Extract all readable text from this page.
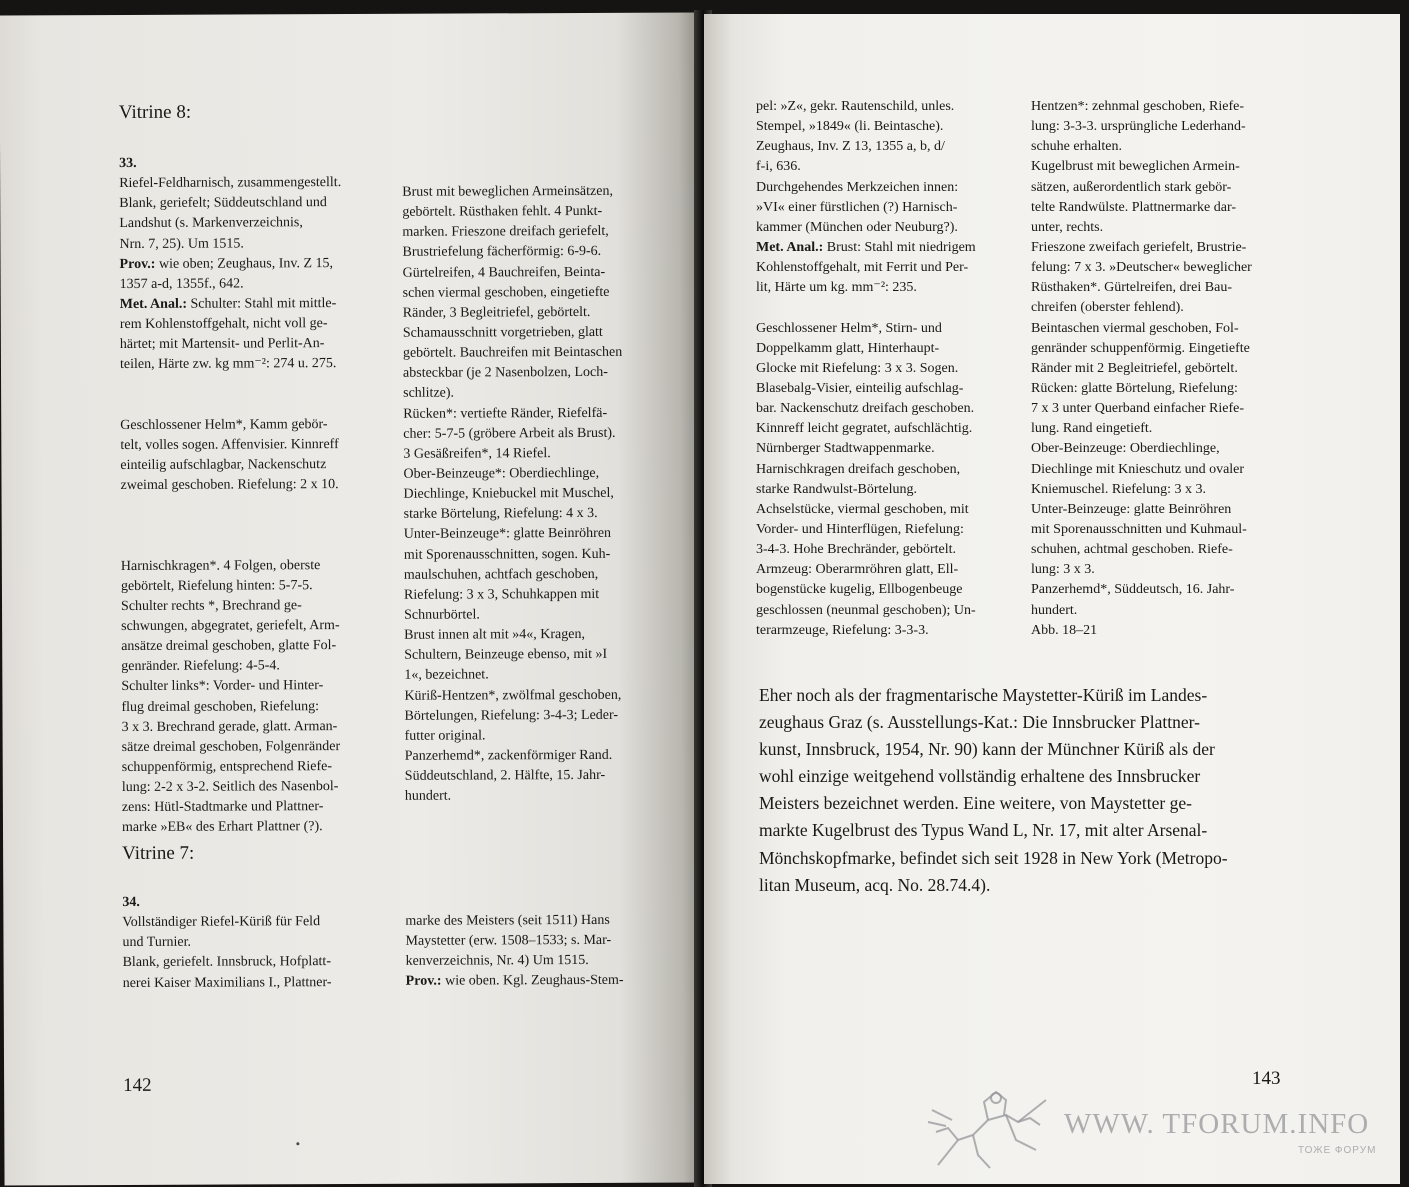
Vitrine 8:
33.
Riefel-Feldharnisch, zusammengestellt.
Blank, geriefelt; Süddeutschland und
Landshut (s. Markenverzeichnis,
Nrn. 7, 25). Um 1515.
Prov.: wie oben; Zeughaus, Inv. Z 15,
1357 a-d, 1355f., 642.
Met. Anal.: Schulter: Stahl mit mittle-
rem Kohlenstoffgehalt, nicht voll ge-
härtet; mit Martensit- und Perlit-An-
teilen, Härte zw. kg mm⁻²: 274 u. 275.
Geschlossener Helm*, Kamm gebör-
telt, volles sogen. Affenvisier. Kinnreff
einteilig aufschlagbar, Nackenschutz
zweimal geschoben. Riefelung: 2 x 10.
Harnischkragen*. 4 Folgen, oberste
gebörtelt, Riefelung hinten: 5-7-5.
Schulter rechts *, Brechrand ge-
schwungen, abgegratet, geriefelt, Arm-
ansätze dreimal geschoben, glatte Fol-
genränder. Riefelung: 4-5-4.
Schulter links*: Vorder- und Hinter-
flug dreimal geschoben, Riefelung:
3 x 3. Brechrand gerade, glatt. Arman-
sätze dreimal geschoben, Folgenränder
schuppenförmig, entsprechend Riefe-
lung: 2-2 x 3-2. Seitlich des Nasenbol-
zens: Hütl-Stadtmarke und Plattner-
marke »EB« des Erhart Plattner (?).
Brust mit beweglichen Armeinsätzen,
gebörtelt. Rüsthaken fehlt. 4 Punkt-
marken. Frieszone dreifach geriefelt,
Brustriefelung fächerförmig: 6-9-6.
Gürtelreifen, 4 Bauchreifen, Beinta-
schen viermal geschoben, eingetiefte
Ränder, 3 Begleitriefel, gebörtelt.
Schamausschnitt vorgetrieben, glatt
gebörtelt. Bauchreifen mit Beintaschen
absteckbar (je 2 Nasenbolzen, Loch-
schlitze).
Rücken*: vertiefte Ränder, Riefelfä-
cher: 5-7-5 (gröbere Arbeit als Brust).
3 Gesäßreifen*, 14 Riefel.
Ober-Beinzeuge*: Oberdiechlinge,
Diechlinge, Kniebuckel mit Muschel,
starke Börtelung, Riefelung: 4 x 3.
Unter-Beinzeuge*: glatte Beinröhren
mit Sporenausschnitten, sogen. Kuh-
maulschuhen, achtfach geschoben,
Riefelung: 3 x 3, Schuhkappen mit
Schnurbörtel.
Brust innen alt mit »4«, Kragen,
Schultern, Beinzeuge ebenso, mit »I
1«, bezeichnet.
Küriß-Hentzen*, zwölfmal geschoben,
Börtelungen, Riefelung: 3-4-3; Leder-
futter original.
Panzerhemd*, zackenförmiger Rand.
Süddeutschland, 2. Hälfte, 15. Jahr-
hundert.
Vitrine 7:
34.
Vollständiger Riefel-Küriß für Feld
und Turnier.
Blank, geriefelt. Innsbruck, Hofplatt-
nerei Kaiser Maximilians I., Plattner-
marke des Meisters (seit 1511) Hans
Maystetter (erw. 1508–1533; s. Mar-
kenverzeichnis, Nr. 4) Um 1515.
Prov.: wie oben. Kgl. Zeughaus-Stem-
142
pel: »Z«, gekr. Rautenschild, unles.
Stempel, »1849« (li. Beintasche).
Zeughaus, Inv. Z 13, 1355 a, b, d/
f-i, 636.
Durchgehendes Merkzeichen innen:
»VI« einer fürstlichen (?) Harnisch-
kammer (München oder Neuburg?).
Met. Anal.: Brust: Stahl mit niedrigem
Kohlenstoffgehalt, mit Ferrit und Per-
lit, Härte um kg. mm⁻²: 235.
Geschlossener Helm*, Stirn- und
Doppelkamm glatt, Hinterhaupt-
Glocke mit Riefelung: 3 x 3. Sogen.
Blasebalg-Visier, einteilig aufschlag-
bar. Nackenschutz dreifach geschoben.
Kinnreff leicht gegratet, aufschlächtig.
Nürnberger Stadtwappenmarke.
Harnischkragen dreifach geschoben,
starke Randwulst-Börtelung.
Achselstücke, viermal geschoben, mit
Vorder- und Hinterflügen, Riefelung:
3-4-3. Hohe Brechränder, gebörtelt.
Armzeug: Oberarmröhren glatt, Ell-
bogenstücke kugelig, Ellbogenbeuge
geschlossen (neunmal geschoben); Un-
terarmzeuge, Riefelung: 3-3-3.
Hentzen*: zehnmal geschoben, Riefe-
lung: 3-3-3. ursprüngliche Lederhand-
schuhe erhalten.
Kugelbrust mit beweglichen Armein-
sätzen, außerordentlich stark gebör-
telte Randwülste. Plattnermarke dar-
unter, rechts.
Frieszone zweifach geriefelt, Brustrie-
felung: 7 x 3. »Deutscher« beweglicher
Rüsthaken*. Gürtelreifen, drei Bau-
chreifen (oberster fehlend).
Beintaschen viermal geschoben, Fol-
genränder schuppenförmig. Eingetiefte
Ränder mit 2 Begleitriefel, gebörtelt.
Rücken: glatte Börtelung, Riefelung:
7 x 3 unter Querband einfacher Riefe-
lung. Rand eingetieft.
Ober-Beinzeuge: Oberdiechlinge,
Diechlinge mit Knieschutz und ovaler
Kniemuschel. Riefelung: 3 x 3.
Unter-Beinzeuge: glatte Beinröhren
mit Sporenausschnitten und Kuhmaul-
schuhen, achtmal geschoben. Riefe-
lung: 3 x 3.
Panzerhemd*, Süddeutsch, 16. Jahr-
hundert.
Abb. 18–21
Eher noch als der fragmentarische Maystetter-Küriß im Landes-
zeughaus Graz (s. Ausstellungs-Kat.: Die Innsbrucker Plattner-
kunst, Innsbruck, 1954, Nr. 90) kann der Münchner Küriß als der
wohl einzige weitgehend vollständig erhaltene des Innsbrucker
Meisters bezeichnet werden. Eine weitere, von Maystetter ge-
markte Kugelbrust des Typus Wand L, Nr. 17, mit alter Arsenal-
Mönchskopfmarke, befindet sich seit 1928 in New York (Metropo-
litan Museum, acq. No. 28.74.4).
143
WWW. TFORUM.INFO
ТОЖЕ ФОРУМ
